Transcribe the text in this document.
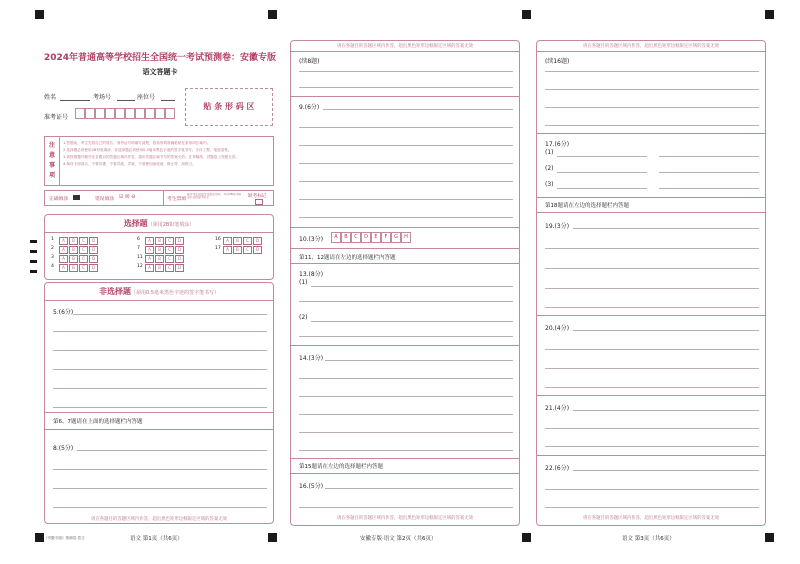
2024年普通高等学校招生全国统一考试预测卷：安徽专版
语文答题卡
姓名	考场号	座位号
准考证号
贴 条 形 码 区
注
意
事
项
1.答题前，考生先将自己的姓名、准考证号码填写清楚，将条形码准确粘贴在条形码区域内。
2.选择题必须使用2B铅笔填涂；非选择题必须使用0.5毫米黑色字迹的签字笔书写，字体工整、笔迹清楚。
3.请按照题号顺序在各题目的答题区域内作答，超出答题区域书写的答案无效；在草稿纸、试题卷上答题无效。
4.保持卡面清洁，不要折叠、不要弄破、弄皱，不准使用涂改液、修正带、刮纸刀。
正确填涂	错误填涂 ☑ ☒ ⊖	考生禁填
缺考考生由监考员贴条形码，并用2B铅笔填涂右边的缺考标记	缺考标记
选择题（须用2B铅笔填涂）
1	A	B	C	D
2	A	B	C	D
3	A	B	C	D
4	A	B	C	D
6	A	B	C	D
7	A	B	C	D
11	A	B	C	D
12	A	B	C	D
16	A	B	C	D
17	A	B	C	D
非选择题（须用0.5毫米黑色字迹的签字笔书写）
5.(6分)
第6、7题请在上面的选择题栏内答题
8.(5分)
请在各题目的答题区域内作答，超出黑色矩形边框限定区域的答案无效
《安徽专版》预测卷 语文	语文 第1页（共6页）
请在各题目的答题区域内作答，超出黑色矩形边框限定区域的答案无效
(续8题)
9.(6分)
10.(3分)	A	B	C	D	E	F	G	H
第11、12题请在左边的选择题栏内答题
13.(8分)
(1)
(2)
14.(3分)
第15题请在左边的选择题栏内答题
16.(5分)
请在各题目的答题区域内作答，超出黑色矩形边框限定区域的答案无效
安徽专版·语文 第2页（共6页）
请在各题目的答题区域内作答，超出黑色矩形边框限定区域的答案无效
(续16题)
17.(6分)
(1)
(2)
(3)
第18题请在左边的选择题栏内答题
19.(3分)
20.(4分)
21.(4分)
22.(6分)
请在各题目的答题区域内作答，超出黑色矩形边框限定区域的答案无效
语文 第3页（共6页）
